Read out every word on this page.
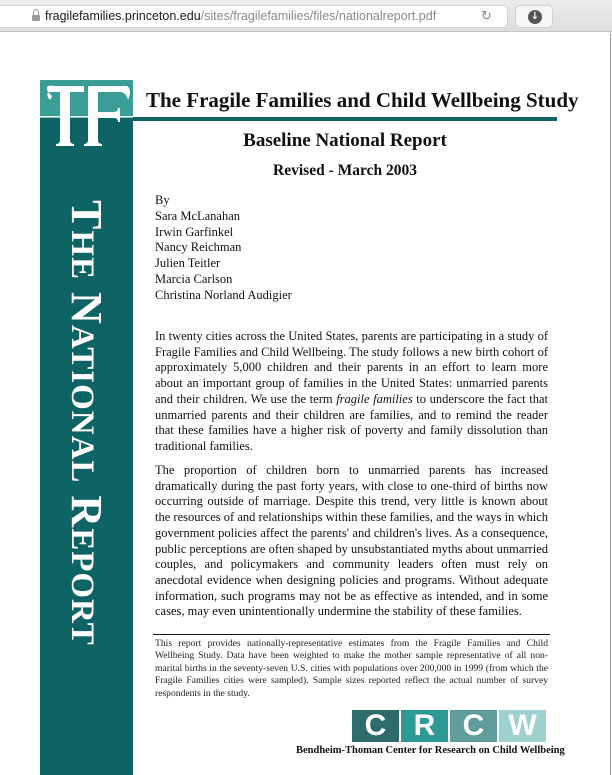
fragilefamilies.princeton.edu/sites/fragilefamilies/files/nationalreport.pdf	↻	↓
THE NATIONAL REPORT
The Fragile Families and Child Wellbeing Study
Baseline National Report
Revised - March 2003
By
Sara McLanahan
Irwin Garfinkel
Nancy Reichman
Julien Teitler
Marcia Carlson
Christina Norland Audigier
In twenty cities across the United States, parents are participating in a study of Fragile Families and Child Wellbeing. The study follows a new birth cohort of approximately 5,000 children and their parents in an effort to learn more about an important group of families in the United States: unmarried parents and their children. We use the term fragile families to underscore the fact that unmarried parents and their children are families, and to remind the reader that these families have a higher risk of poverty and family dissolution than traditional families.
The proportion of children born to unmarried parents has increased dramatically during the past forty years, with close to one-third of births now occurring outside of marriage. Despite this trend, very little is known about the resources of and relationships within these families, and the ways in which government policies affect the parents' and children's lives. As a consequence, public perceptions are often shaped by unsubstantiated myths about unmarried couples, and policymakers and community leaders often must rely on anecdotal evidence when designing policies and programs. Without adequate information, such programs may not be as effective as intended, and in some cases, may even unintentionally undermine the stability of these families.
This report provides nationally-representative estimates from the Fragile Families and Child Wellbeing Study. Data have been weighted to make the mother sample representative of all non-marital births in the seventy-seven U.S. cities with populations over 200,000 in 1999 (from which the Fragile Families cities were sampled). Sample sizes reported reflect the actual number of survey respondents in the study.
C R C W
Bendheim-Thoman Center for Research on Child Wellbeing
